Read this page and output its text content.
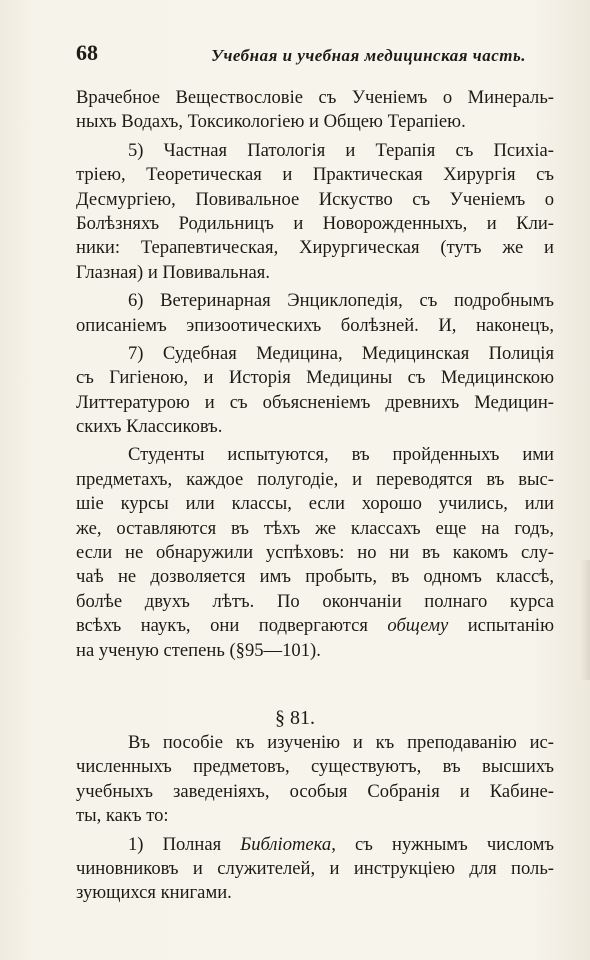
68	Учебная и учебная медицинская часть.
Врачебное Веществословіе съ Ученіемъ о Минераль-
ныхъ Водахъ, Токсикологіею и Общею Терапіею.
5) Частная Патологія и Терапія съ Психіа-
тріею, Теоретическая и Практическая Хирургія съ
Десмургіею, Повивальное Искуство съ Ученіемъ о
Болѣзняхъ Родильницъ и Новорожденныхъ, и Кли-
ники: Терапевтическая, Хирургическая (тутъ же и
Глазная) и Повивальная.
6) Ветеринарная Энциклопедія, съ подробнымъ
описаніемъ эпизоотическихъ болѣзней. И, наконецъ,
7) Судебная Медицина, Медицинская Полиція
съ Гигіеною, и Исторія Медицины съ Медицинскою
Литтературою и съ объясненіемъ древнихъ Медицин-
скихъ Классиковъ.
Студенты испытуются, въ пройденныхъ ими
предметахъ, каждое полугодіе, и переводятся въ выс-
шіе курсы или классы, если хорошо учились, или
же, оставляются въ тѣхъ же классахъ еще на годъ,
если не обнаружили успѣховъ: но ни въ какомъ слу-
чаѣ не дозволяется имъ пробыть, въ одномъ классѣ,
болѣе двухъ лѣтъ. По окончаніи полнаго курса
всѣхъ наукъ, они подвергаются общему испытанію
на ученую степень (§95—101).
§ 81.
Въ пособіе къ изученію и къ преподаванію ис-
численныхъ предметовъ, существуютъ, въ высшихъ
учебныхъ заведеніяхъ, особыя Собранія и Кабине-
ты, какъ то:
1) Полная Библіотека, съ нужнымъ числомъ
чиновниковъ и служителей, и инструкціею для поль-
зующихся книгами.
